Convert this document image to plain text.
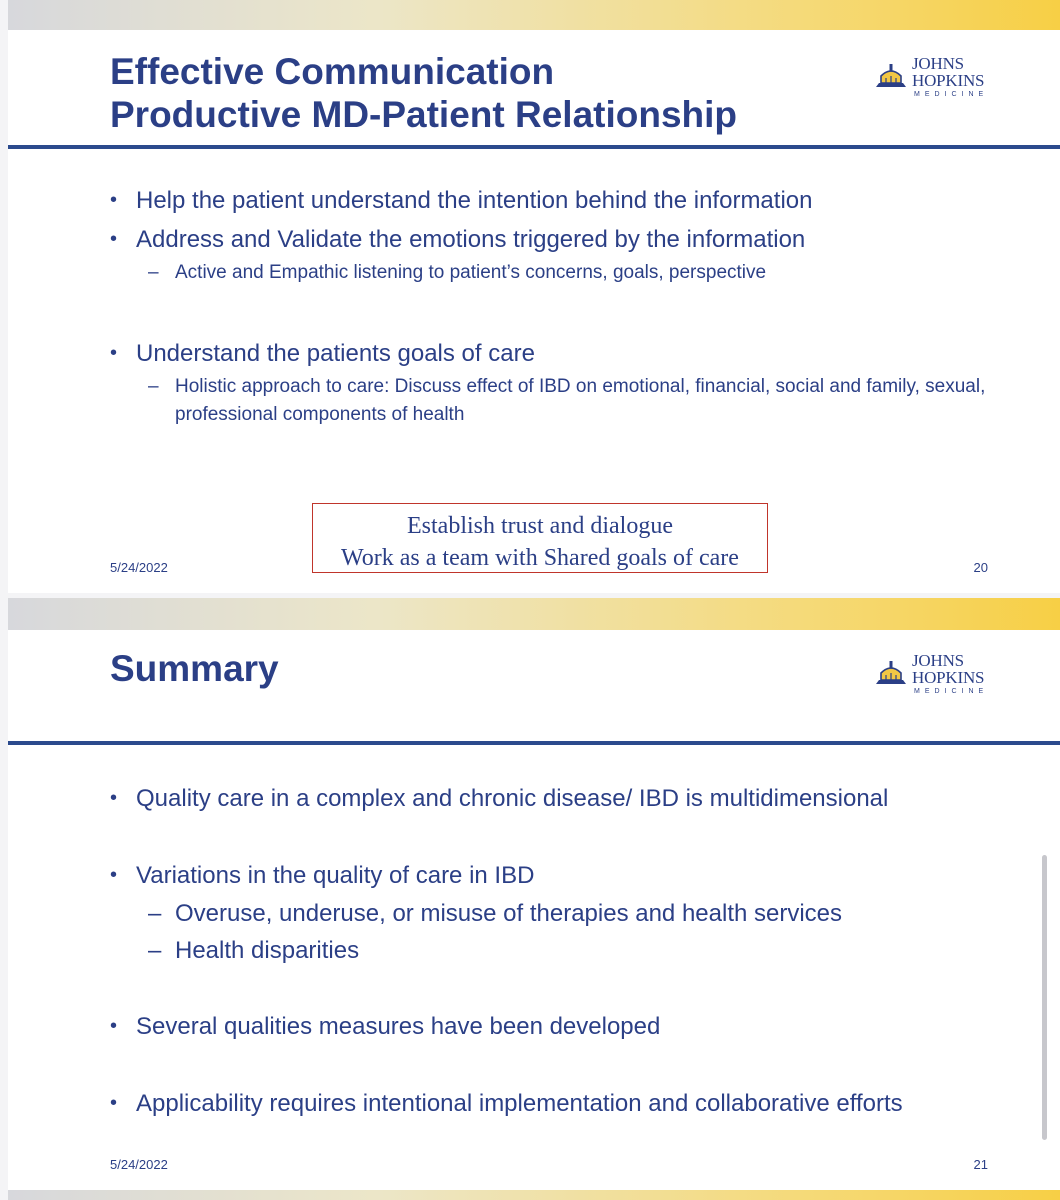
Effective Communication
Productive MD-Patient Relationship
JOHNS HOPKINS
MEDICINE
• Help the patient understand the intention behind the information
• Address and Validate the emotions triggered by the information
– Active and Empathic listening to patient’s concerns, goals, perspective
• Understand the patients goals of care
– Holistic approach to care: Discuss effect of IBD on emotional, financial, social and family, sexual, professional components of health
5/24/2022	20
Establish trust and dialogue
Work as a team with Shared goals of care
Summary	JOHNS HOPKINS
MEDICINE
• Quality care in a complex and chronic disease/ IBD is multidimensional
• Variations in the quality of care in IBD
– Overuse, underuse, or misuse of therapies and health services
– Health disparities
• Several qualities measures have been developed
• Applicability requires intentional implementation and collaborative efforts
5/24/2022	21
